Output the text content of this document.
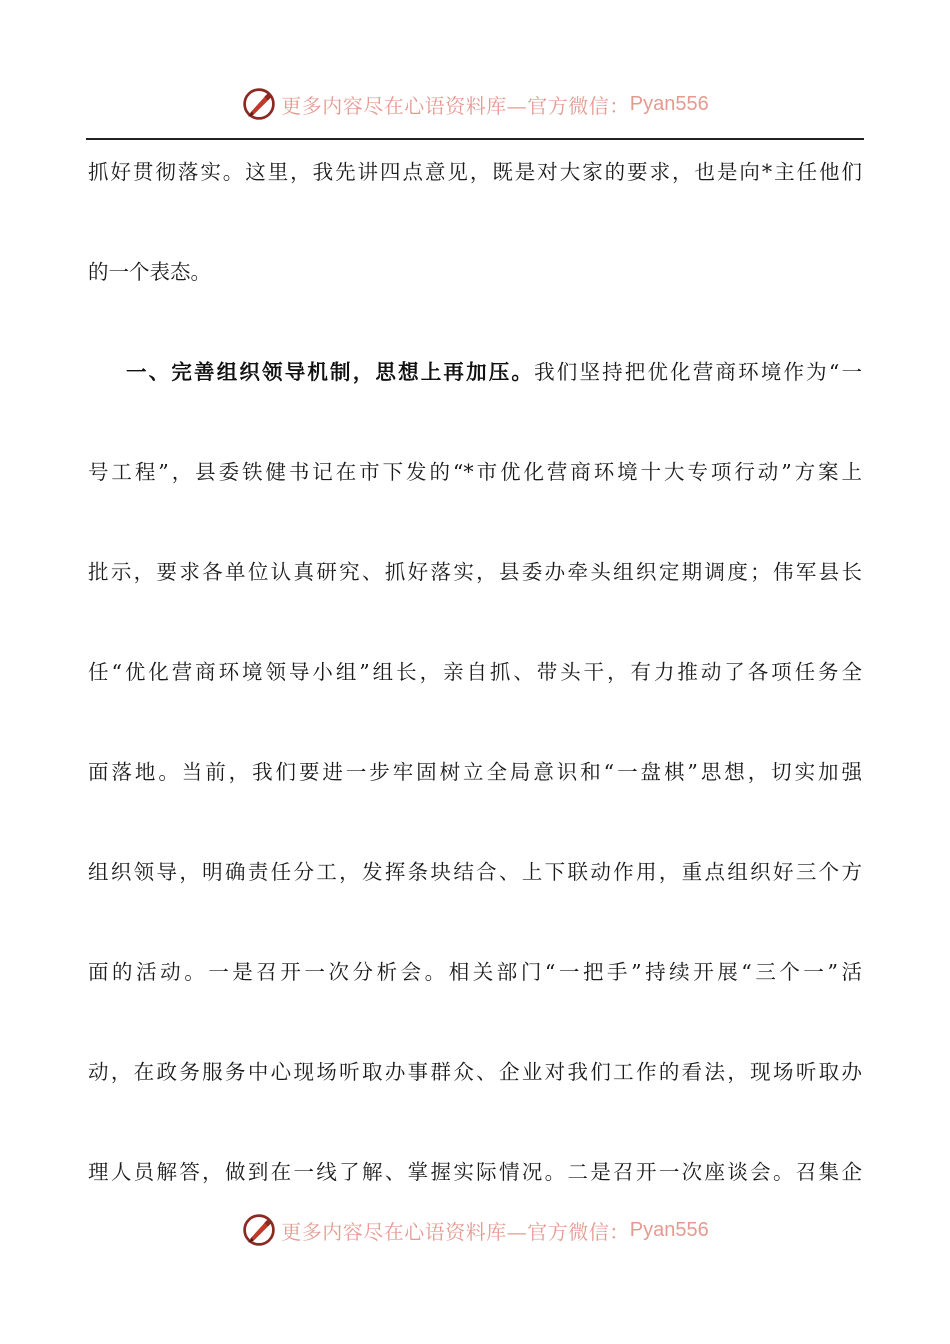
更多内容尽在心语资料库—官方微信： Pyan556
抓好贯彻落实。这里，我先讲四点意见，既是对大家的要求，也是向*主任他们
的一个表态。
一、完善组织领导机制，思想上再加压。我们坚持把优化营商环境作为“一
号工程”，县委铁健书记在市下发的“*市优化营商环境十大专项行动”方案上
批示，要求各单位认真研究、抓好落实，县委办牵头组织定期调度；伟军县长
任“优化营商环境领导小组”组长，亲自抓、带头干，有力推动了各项任务全
面落地。当前，我们要进一步牢固树立全局意识和“一盘棋”思想，切实加强
组织领导，明确责任分工，发挥条块结合、上下联动作用，重点组织好三个方
面的活动。一是召开一次分析会。相关部门“一把手”持续开展“三个一”活
动，在政务服务中心现场听取办事群众、企业对我们工作的看法，现场听取办
理人员解答，做到在一线了解、掌握实际情况。二是召开一次座谈会。召集企
更多内容尽在心语资料库—官方微信： Pyan556
